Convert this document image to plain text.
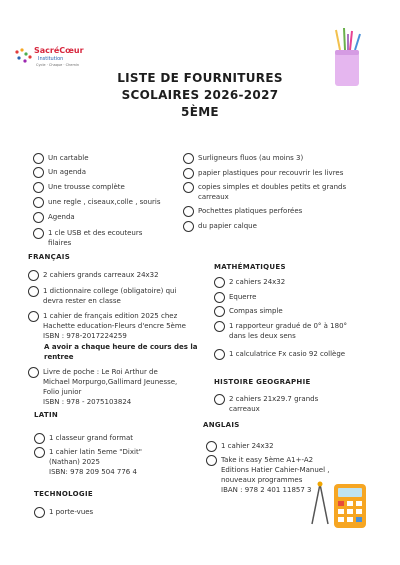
SacréCœur
Institution
Cycle · Chaque · Chemin
LISTE DE FOURNITURES
SCOLAIRES 2026-2027
5ÈME
Un cartable
Un agenda
Une trousse complète
une regle , ciseaux,colle , souris
Agenda
1 cle USB et des ecouteurs
filaires
Surligneurs fluos (au moins 3)
papier plastiques pour recouvrir les livres
copies simples et doubles petits et grands
carreaux
Pochettes platiques perforées
du papier calque
FRANÇAIS
2 cahiers grands carreaux 24x32
1 dictionnaire college (obligatoire) qui
devra rester en classe
1 cahier de français edition 2025 chez
Hachette education-Fleurs d'encre 5ème
ISBN : 978-2017224259
A avoir a chaque heure de cours des la
rentree
Livre de poche : Le Roi Arthur de
Michael Morpurgo,Gallimard Jeunesse,
Folio junior
ISBN : 978 - 2075103824
LATIN
1 classeur grand format
1 cahier latin 5eme "Dixit"
(Nathan) 2025
ISBN: 978 209 504 776 4
TECHNOLOGIE
1 porte-vues
MATHÉMATIQUES
2 cahiers 24x32
Equerre
Compas simple
1 rapporteur gradué de 0° à 180°
dans les deux sens
1 calculatrice Fx casio 92 collège
HISTOIRE GEOGRAPHIE
2 cahiers 21x29.7 grands
carreaux
ANGLAIS
1 cahier 24x32
Take it easy 5ème A1+-A2
Editions Hatier Cahier-Manuel ,
nouveaux programmes
IBAN : 978 2 401 11857 3
